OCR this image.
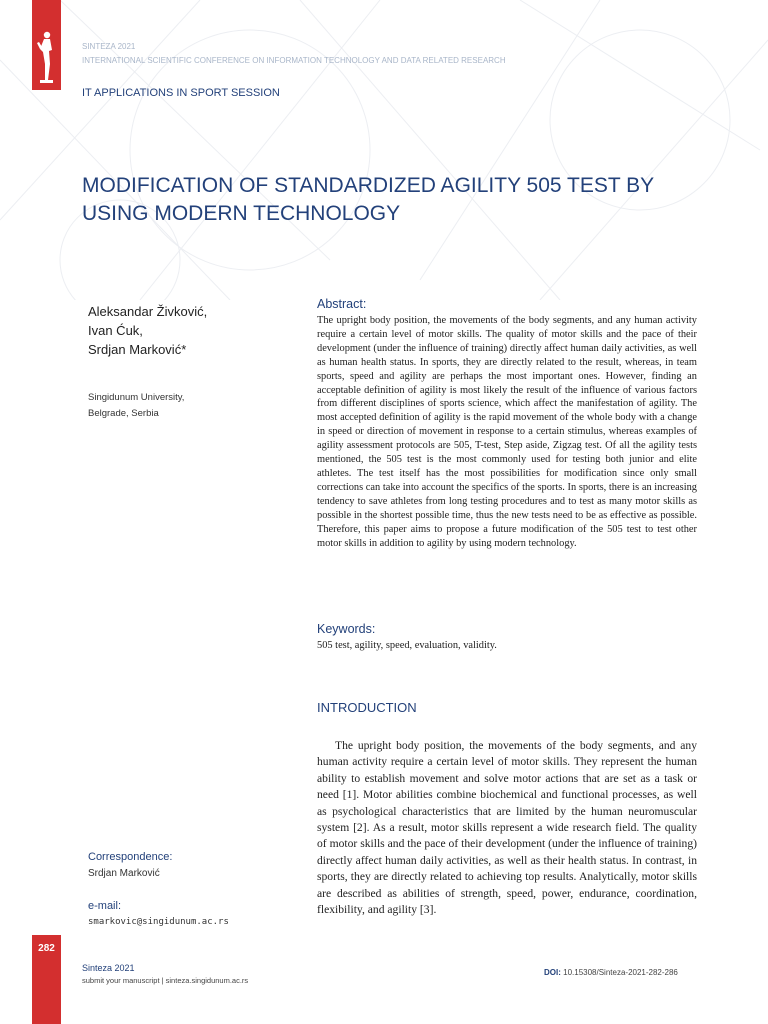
SINTEZA 2021
INTERNATIONAL SCIENTIFIC CONFERENCE ON INFORMATION TECHNOLOGY AND DATA RELATED RESEARCH
IT APPLICATIONS IN SPORT SESSION
MODIFICATION OF STANDARDIZED AGILITY 505 TEST BY USING MODERN TECHNOLOGY
Aleksandar Živković,
Ivan Ćuk,
Srdjan Marković*
Singidunum University,
Belgrade, Serbia
Abstract:

The upright body position, the movements of the body segments, and any human activity require a certain level of motor skills. The quality of motor skills and the pace of their development (under the influence of training) directly affect human daily activities, as well as human health status. In sports, they are directly related to the result, whereas, in team sports, speed and agility are perhaps the most important ones. However, finding an acceptable definition of agility is most likely the result of the influence of various factors from different disciplines of sports science, which affect the manifestation of agility. The most accepted definition of agility is the rapid movement of the whole body with a change in speed or direction of movement in response to a certain stimulus, whereas examples of agility assessment protocols are 505, T-test, Step aside, Zigzag test. Of all the agility tests mentioned, the 505 test is the most commonly used for testing both junior and elite athletes. The test itself has the most possibilities for modification since only small corrections can take into account the specifics of the sports. In sports, there is an increasing tendency to save athletes from long testing procedures and to test as many motor skills as possible in the shortest possible time, thus the new tests need to be as effective as possible. Therefore, this paper aims to propose a future modification of the 505 test to test other motor skills in addition to agility by using modern technology.

Keywords:
505 test, agility, speed, evaluation, validity.
INTRODUCTION

The upright body position, the movements of the body segments, and any human activity require a certain level of motor skills. They represent the human ability to establish movement and solve motor actions that are set as a task or need [1]. Motor abilities combine biochemical and functional processes, as well as psychological characteristics that are limited by the human neuromuscular system [2]. As a result, motor skills represent a wide research field. The quality of motor skills and the pace of their development (under the influence of training) directly affect human daily activities, as well as their health status. In contrast, in sports, they are directly related to achieving top results. Analytically, motor skills are described as abilities of strength, speed, power, endurance, coordination, flexibility, and agility [3].

Correspondence:
Srdjan Marković
e-mail:
smarkovic@singidunum.ac.rs
282
Sinteza 2021
submit your manuscript | sinteza.singidunum.ac.rs
DOI: 10.15308/Sinteza-2021-282-286
